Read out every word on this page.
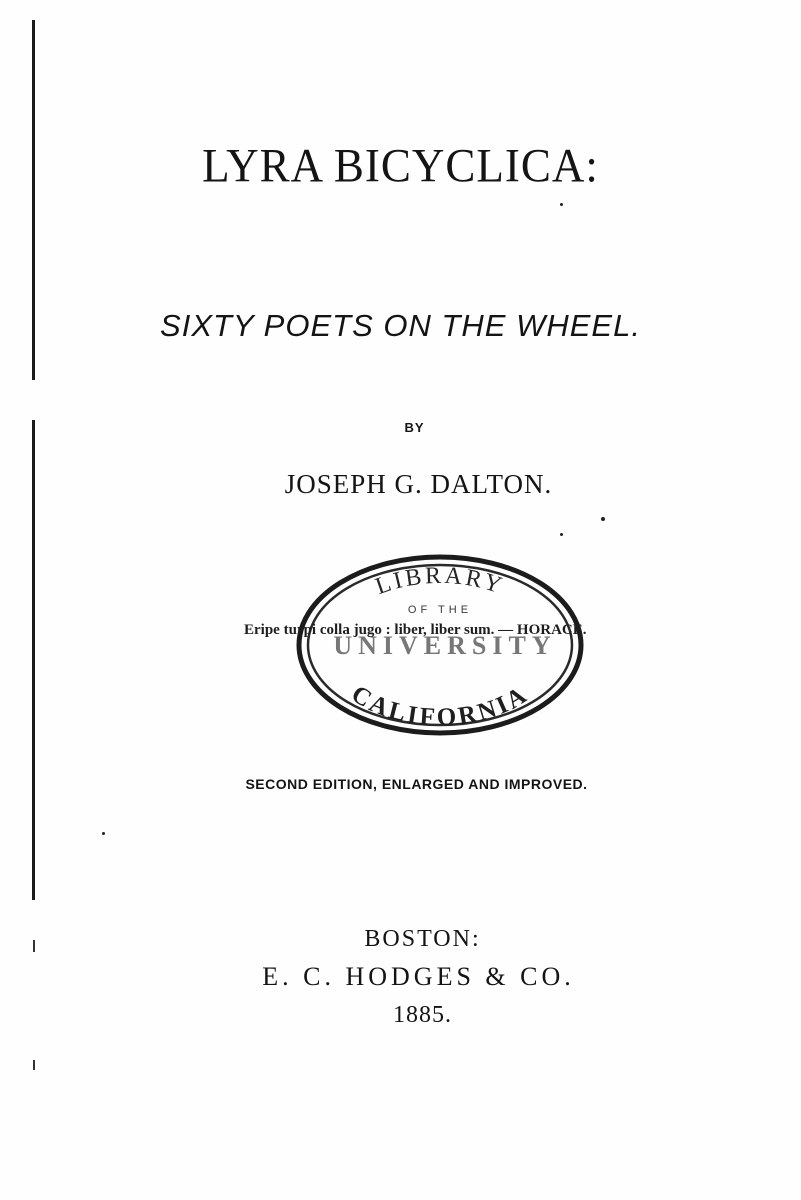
LYRA BICYCLICA:
SIXTY POETS ON THE WHEEL.
BY
JOSEPH G. DALTON.
LIBRARY
OF THE
UNIVERSITY
CALIFORNIA
Eripe turpi colla jugo : liber, liber sum. — HORACE.
SECOND EDITION, ENLARGED AND IMPROVED.
BOSTON:
E. C. HODGES & CO.
1885.
